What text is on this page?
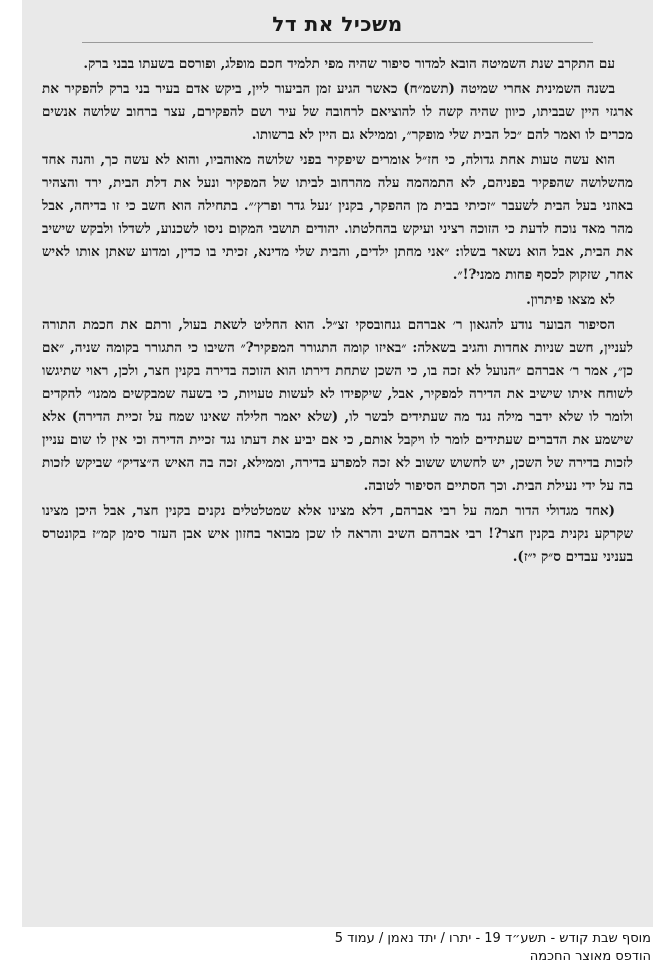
משכיל את דל

עם התקרב שנת השמיטה הובא למדור סיפור שהיה מפי תלמיד חכם מופלג, ופורסם בשעתו בבני ברק.

בשנה השמינית אחרי שמיטה (תשמ״ח) כאשר הגיע זמן הביעור ליין, ביקש אדם בעיר בני ברק להפקיר את ארגזי היין שבביתו, כיוון שהיה קשה לו להוציאם לרחובה של עיר ושם להפקירם, עצר ברחוב שלושה אנשים מכרים לו ואמר להם ״כל הבית שלי מופקר״, וממילא גם היין לא ברשותו.

הוא עשה טעות אחת גדולה, כי חז״ל אומרים שיפקיר בפני שלושה מאוהביו, והוא לא עשה כך, והנה אחד מהשלושה שהפקיר בפניהם, לא התמהמה עלה מהרחוב לביתו של המפקיר ונעל את דלת הבית, ירד והצהיר באוזני בעל הבית לשעבר ״זכיתי בבית מן ההפקר, בקנין ׳נעל גדר ופרץ׳״. בתחילה הוא חשב כי זו בדיחה, אבל מהר מאד נוכח לדעת כי הזוכה רציני ועיקש בהחלטתו. יהודים תושבי המקום ניסו לשכנוע, לשדלו ולבקש שישיב את הבית, אבל הוא נשאר בשלו: ״אני מחתן ילדים, והבית שלי מדינא, זכיתי בו כדין, ומדוע שאתן אותו לאיש אחר, שזקוק לכסף פחות ממני?!״.

לא מצאו פיתרון.

הסיפור הבוער נודע להגאון ר׳ אברהם גנחובסקי זצ״ל. הוא החליט לשאת בעול, ורתם את חכמת התורה לעניין, חשב שניות אחדות והגיב בשאלה: ״באיזו קומה התגורר המפקיר?״ השיבו כי התגורר בקומה שניה, ״אם כן״, אמר ר׳ אברהם ״הנועל לא זכה בו, כי השכן שתחת דירתו הוא הזוכה בדירה בקנין חצר, ולכן, ראוי שתיגשו לשוחח איתו שישיב את הדירה למפקיר, אבל, שיקפידו לא לעשות טעויות, כי בשעה שמבקשים ממנו״ להקדים ולומר לו שלא ידבר מילה נגד מה שעתידים לבשר לו, (שלא יאמר חלילה שאינו שמח על זכיית הדירה) אלא שישמע את הדברים שעתידים לומר לו ויקבל אותם, כי אם יביע את דעתו נגד זכיית הדירה וכי אין לו שום עניין לזכות בדירה של השכן, יש לחשוש ששוב לא זכה למפרע בדירה, וממילא, זכה בה האיש ה״צדיק״ שביקש לזכות בה על ידי נעילת הבית. וכך הסתיים הסיפור לטובה.

(אחד מגדולי הדור תמה על רבי אברהם, דלא מצינו אלא שמטלטלים נקנים בקנין חצר, אבל היכן מצינו שקרקע נקנית בקנין חצר?! רבי אברהם השיב והראה לו שכן מבואר בחזון איש אבן העזר סימן קמ״ז בקונטרס בעניני עבדים ס״ק י״ז).

מוסף שבת קודש - תשע״ד 19 - יתרו / יתד נאמן / עמוד 5
הודפס מאוצר החכמה
